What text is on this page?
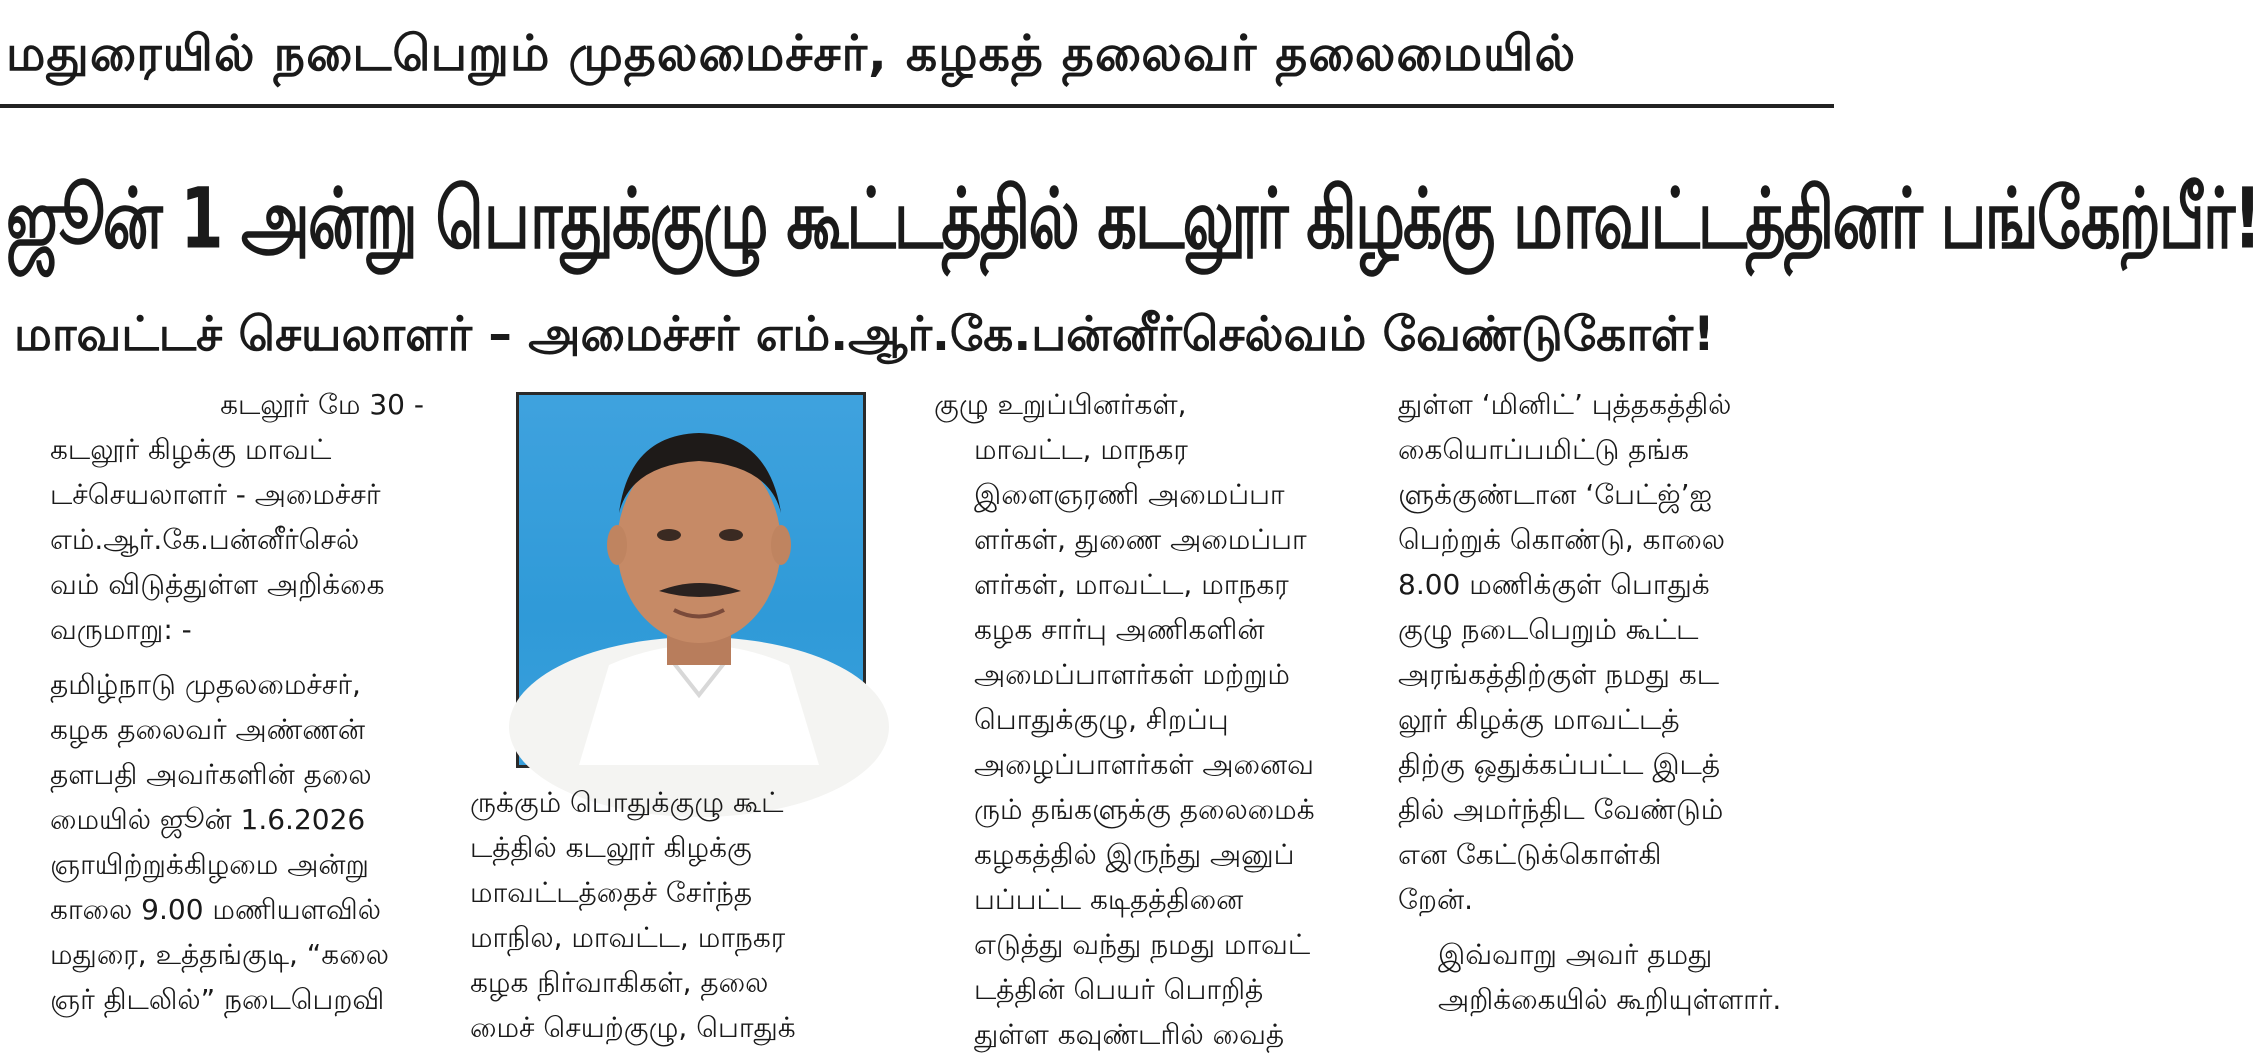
மதுரையில் நடைபெறும் முதலமைச்சர், கழகத் தலைவர் தலைமையில்
ஜூன் 1 அன்று பொதுக்குழு கூட்டத்தில் கடலூர் கிழக்கு மாவட்டத்தினர் பங்கேற்பீர்!
மாவட்டச் செயலாளர் – அமைச்சர் எம்.ஆர்.கே.பன்னீர்செல்வம் வேண்டுகோள்!

கடலூர் மே 30 -

கடலூர் கிழக்கு மாவட்
டச்செயலாளர் - அமைச்சர்
எம்.ஆர்.கே.பன்னீர்செல்
வம் விடுத்துள்ள அறிக்கை
வருமாறு: -

தமிழ்நாடு முதலமைச்சர்,
கழக தலைவர் அண்ணன்
தளபதி அவர்களின் தலை
மையில் ஜூன் 1.6.2026
ஞாயிற்றுக்கிழமை அன்று
காலை 9.00 மணியளவில்
மதுரை, உத்தங்குடி, “கலை
ஞர் திடலில்” நடைபெறவி

ருக்கும் பொதுக்குழு கூட்
டத்தில் கடலூர் கிழக்கு
மாவட்டத்தைச் சேர்ந்த
மாநில, மாவட்ட, மாநகர
கழக நிர்வாகிகள், தலை
மைச் செயற்குழு, பொதுக்

குழு உறுப்பினர்கள்,

மாவட்ட, மாநகர
இளைஞரணி அமைப்பா
ளர்கள், துணை அமைப்பா
ளர்கள், மாவட்ட, மாநகர
கழக சார்பு அணிகளின்
அமைப்பாளர்கள் மற்றும்
பொதுக்குழு, சிறப்பு
அழைப்பாளர்கள் அனைவ
ரும் தங்களுக்கு தலைமைக்
கழகத்தில் இருந்து அனுப்
பப்பட்ட கடிதத்தினை
எடுத்து வந்து நமது மாவட்
டத்தின் பெயர் பொறித்
துள்ள கவுண்டரில் வைத்

துள்ள ‘மினிட்’ புத்தகத்தில்
கையொப்பமிட்டு தங்க
ளுக்குண்டான ‘பேட்ஜ்’ஐ
பெற்றுக் கொண்டு, காலை
8.00 மணிக்குள் பொதுக்
குழு நடைபெறும் கூட்ட
அரங்கத்திற்குள் நமது கட
லூர் கிழக்கு மாவட்டத்
திற்கு ஒதுக்கப்பட்ட இடத்
தில் அமர்ந்திட வேண்டும்
என கேட்டுக்கொள்கி
றேன்.

இவ்வாறு அவர் தமது
அறிக்கையில் கூறியுள்ளார்.
